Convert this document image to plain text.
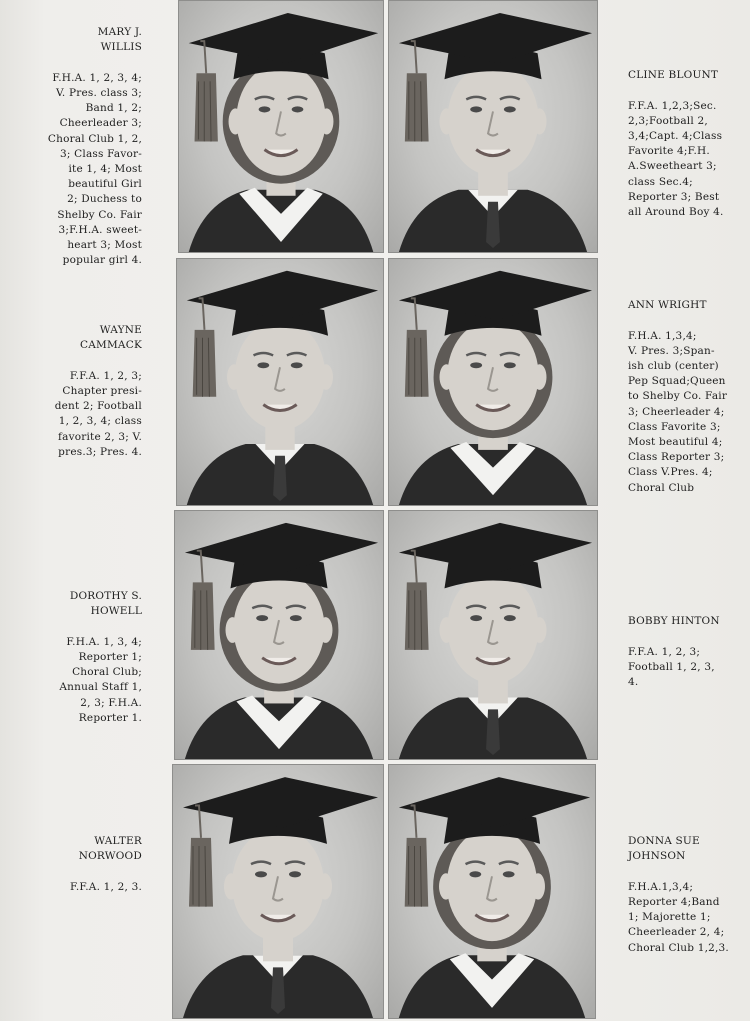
MARY J.
WILLIS

F.H.A. 1, 2, 3, 4;
V. Pres. class 3;
Band 1, 2;
Cheerleader 3;
Choral Club 1, 2,
3; Class Favor-
ite 1, 4; Most
beautiful Girl
2; Duchess to
Shelby Co. Fair
3;F.H.A. sweet-
heart 3; Most
popular girl 4.

CLINE BLOUNT

F.F.A. 1,2,3;Sec.
2,3;Football 2,
3,4;Capt. 4;Class
Favorite 4;F.H.
A.Sweetheart 3;
class Sec.4;
Reporter 3; Best
all Around Boy 4.

WAYNE
CAMMACK

F.F.A. 1, 2, 3;
Chapter presi-
dent 2; Football
1, 2, 3, 4; class
favorite 2, 3; V.
pres.3; Pres. 4.

ANN WRIGHT

F.H.A. 1,3,4;
V. Pres. 3;Span-
ish club (center)
Pep Squad;Queen
to Shelby Co. Fair
3; Cheerleader 4;
Class Favorite 3;
Most beautiful 4;
Class Reporter 3;
Class V.Pres. 4;
Choral Club

DOROTHY S.
HOWELL

F.H.A. 1, 3, 4;
Reporter 1;
Choral Club;
Annual Staff 1,
2, 3; F.H.A.
Reporter 1.

BOBBY HINTON

F.F.A. 1, 2, 3;
Football 1, 2, 3,
4.

WALTER
NORWOOD

F.F.A. 1, 2, 3.

DONNA SUE
JOHNSON

F.H.A.1,3,4;
Reporter 4;Band
1; Majorette 1;
Cheerleader 2, 4;
Choral Club 1,2,3.
